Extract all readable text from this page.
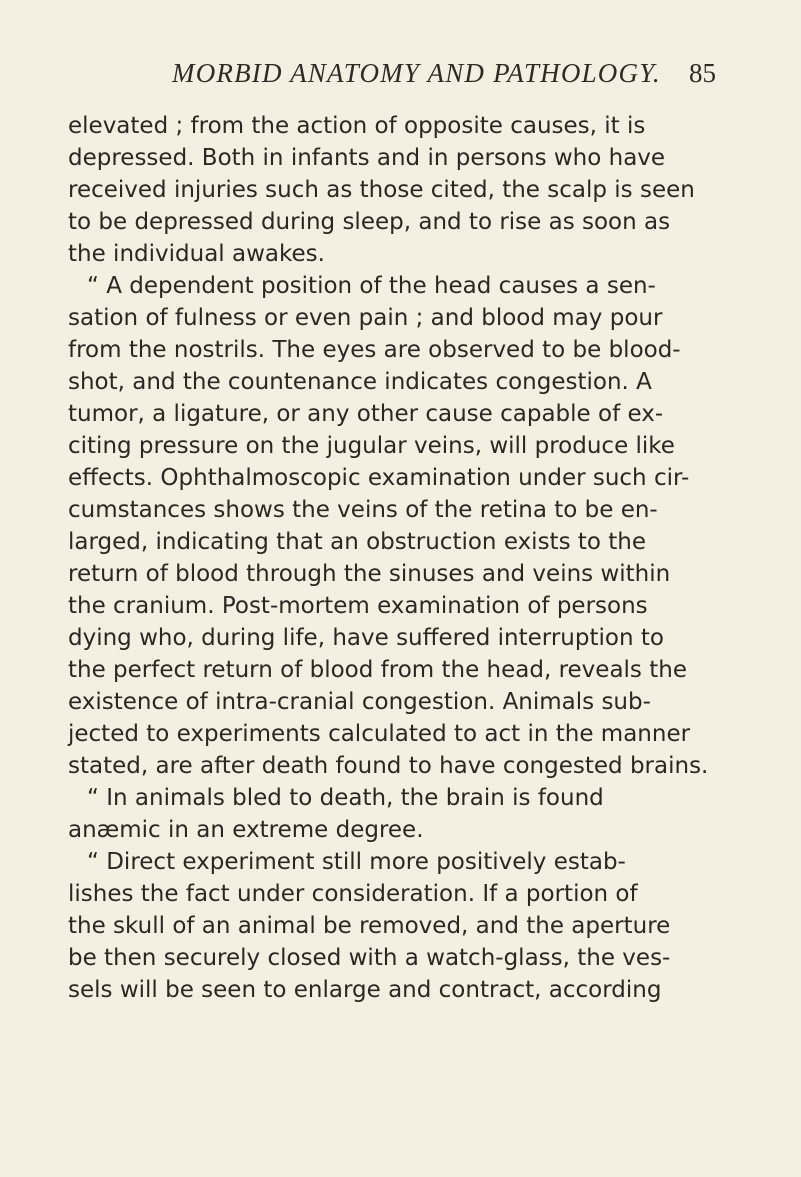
MORBID ANATOMY AND PATHOLOGY. 85
elevated ; from the action of opposite causes, it is
depressed. Both in infants and in persons who have
received injuries such as those cited, the scalp is seen
to be depressed during sleep, and to rise as soon as
the individual awakes.
“ A dependent position of the head causes a sen-
sation of fulness or even pain ; and blood may pour
from the nostrils. The eyes are observed to be blood-
shot, and the countenance indicates congestion. A
tumor, a ligature, or any other cause capable of ex-
citing pressure on the jugular veins, will produce like
effects. Ophthalmoscopic examination under such cir-
cumstances shows the veins of the retina to be en-
larged, indicating that an obstruction exists to the
return of blood through the sinuses and veins within
the cranium. Post-mortem examination of persons
dying who, during life, have suffered interruption to
the perfect return of blood from the head, reveals the
existence of intra-cranial congestion. Animals sub-
jected to experiments calculated to act in the manner
stated, are after death found to have congested brains.
“ In animals bled to death, the brain is found
anæmic in an extreme degree.
“ Direct experiment still more positively estab-
lishes the fact under consideration. If a portion of
the skull of an animal be removed, and the aperture
be then securely closed with a watch-glass, the ves-
sels will be seen to enlarge and contract, according
